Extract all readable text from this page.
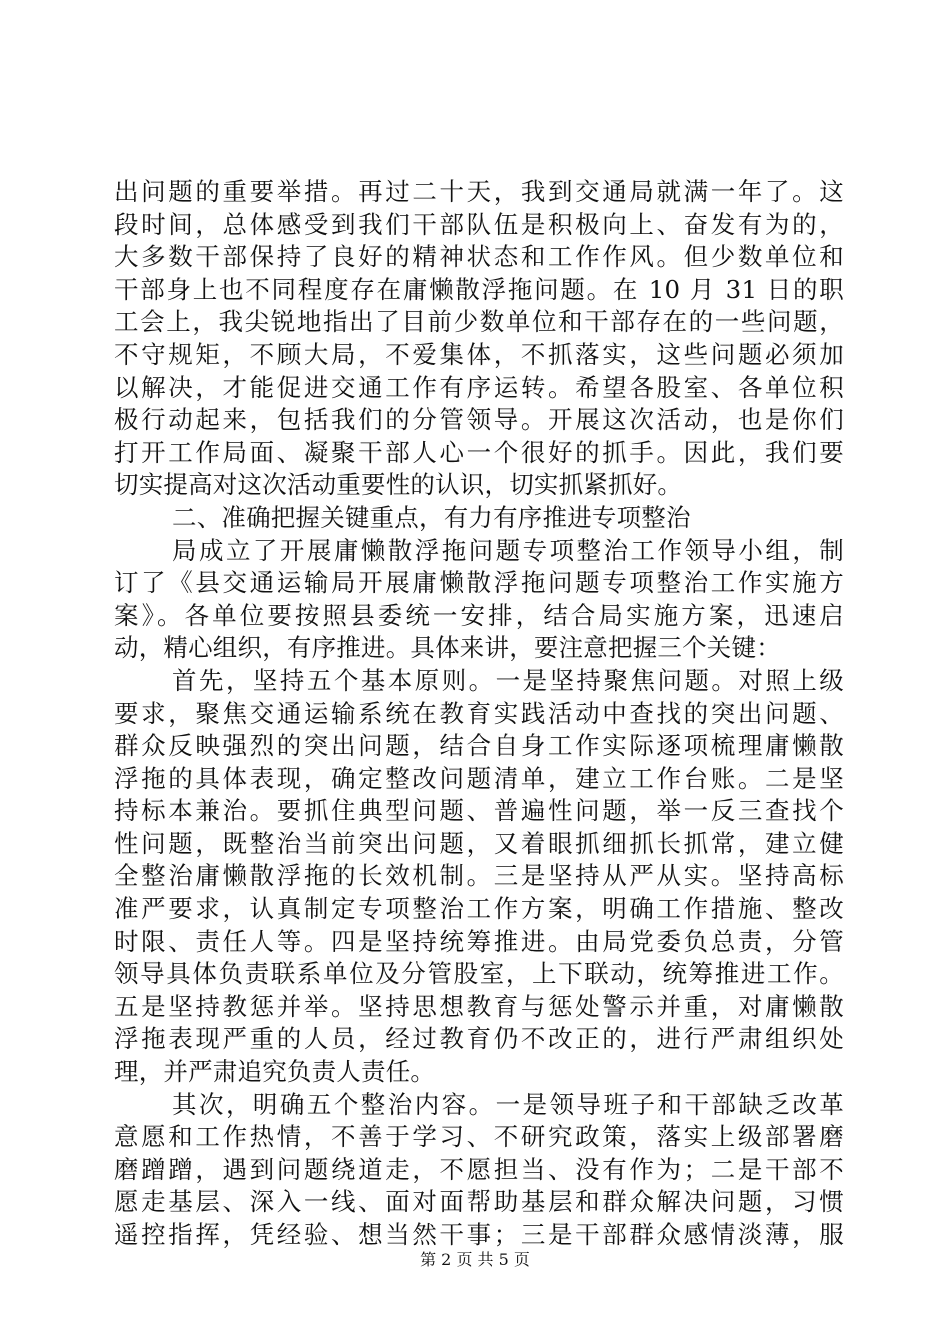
出问题的重要举措。再过二十天，我到交通局就满一年了。这
段时间，总体感受到我们干部队伍是积极向上、奋发有为的，
大多数干部保持了良好的精神状态和工作作风。但少数单位和
干部身上也不同程度存在庸懒散浮拖问题。在 10 月 31 日的职
工会上，我尖锐地指出了目前少数单位和干部存在的一些问题，
不守规矩，不顾大局，不爱集体，不抓落实，这些问题必须加
以解决，才能促进交通工作有序运转。希望各股室、各单位积
极行动起来，包括我们的分管领导。开展这次活动，也是你们
打开工作局面、凝聚干部人心一个很好的抓手。因此，我们要
切实提高对这次活动重要性的认识，切实抓紧抓好。
二、准确把握关键重点，有力有序推进专项整治
局成立了开展庸懒散浮拖问题专项整治工作领导小组，制
订了《县交通运输局开展庸懒散浮拖问题专项整治工作实施方
案》。各单位要按照县委统一安排，结合局实施方案，迅速启
动，精心组织，有序推进。具体来讲，要注意把握三个关键：
首先，坚持五个基本原则。一是坚持聚焦问题。对照上级
要求，聚焦交通运输系统在教育实践活动中查找的突出问题、
群众反映强烈的突出问题，结合自身工作实际逐项梳理庸懒散
浮拖的具体表现，确定整改问题清单，建立工作台账。二是坚
持标本兼治。要抓住典型问题、普遍性问题，举一反三查找个
性问题，既整治当前突出问题，又着眼抓细抓长抓常，建立健
全整治庸懒散浮拖的长效机制。三是坚持从严从实。坚持高标
准严要求，认真制定专项整治工作方案，明确工作措施、整改
时限、责任人等。四是坚持统筹推进。由局党委负总责，分管
领导具体负责联系单位及分管股室，上下联动，统筹推进工作。
五是坚持教惩并举。坚持思想教育与惩处警示并重，对庸懒散
浮拖表现严重的人员，经过教育仍不改正的，进行严肃组织处
理，并严肃追究负责人责任。
其次，明确五个整治内容。一是领导班子和干部缺乏改革
意愿和工作热情，不善于学习、不研究政策，落实上级部署磨
磨蹭蹭，遇到问题绕道走，不愿担当、没有作为；二是干部不
愿走基层、深入一线、面对面帮助基层和群众解决问题，习惯
遥控指挥，凭经验、想当然干事；三是干部群众感情淡薄，服
第 2 页 共 5 页
